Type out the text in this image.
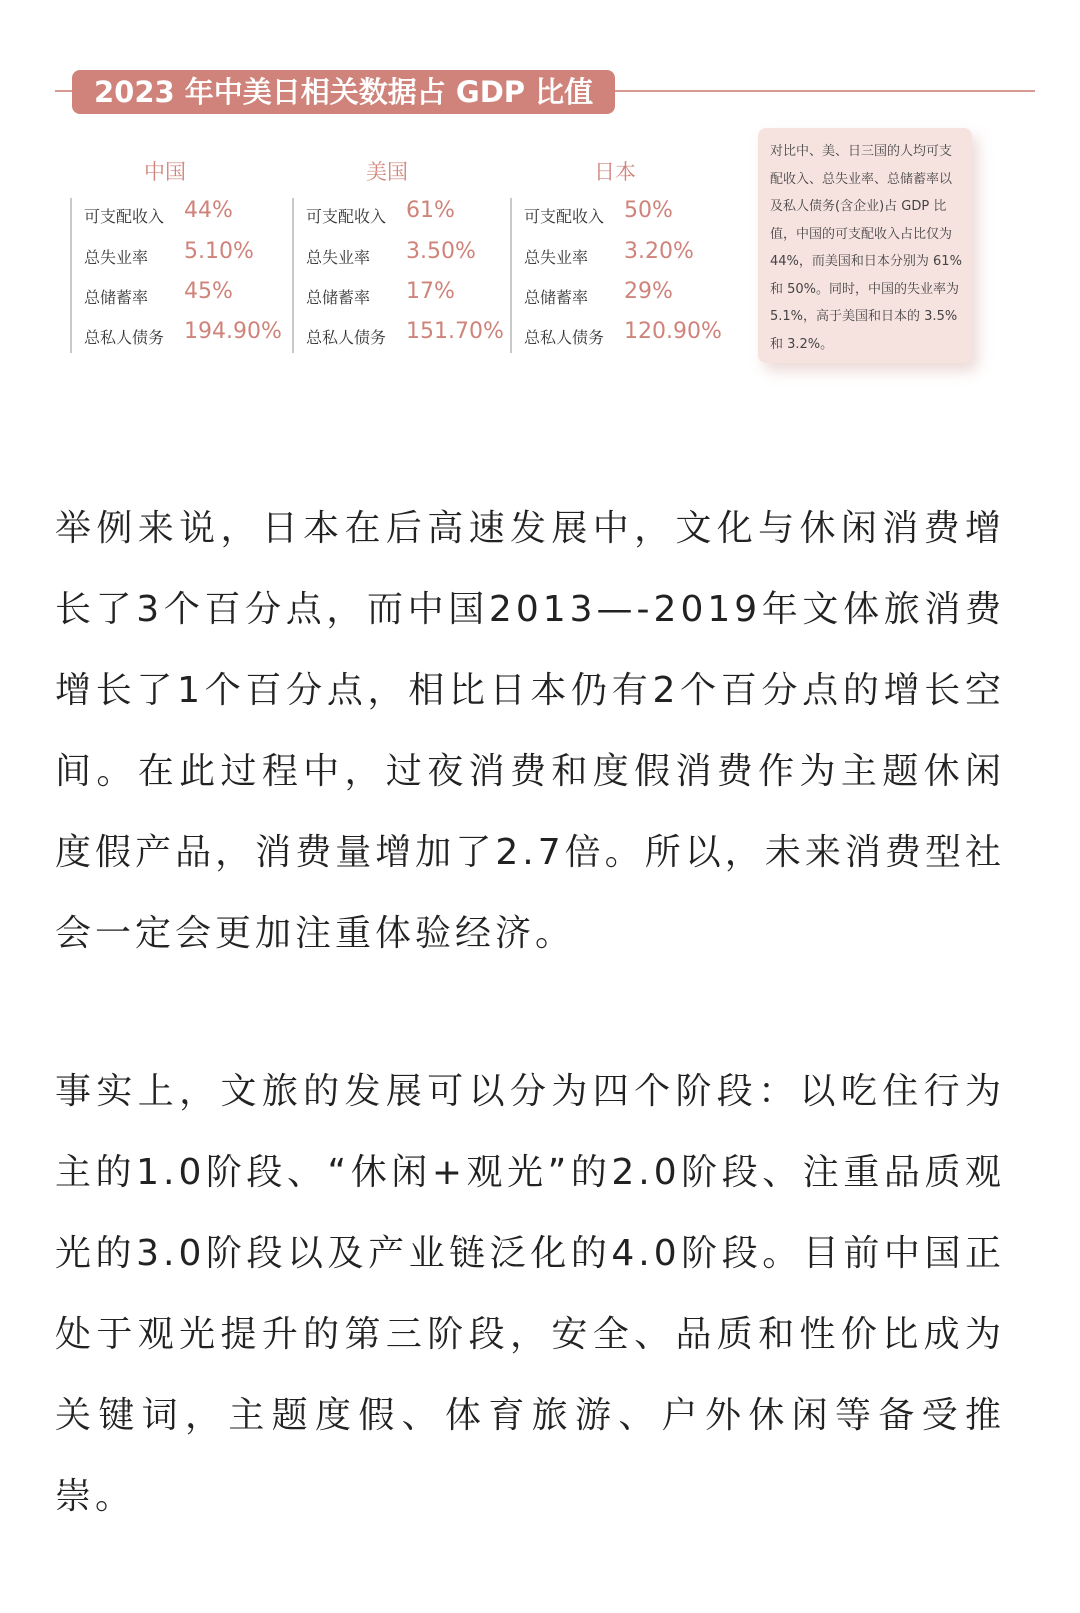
2023 年中美日相关数据占 GDP 比值
中国
可支配收入 44%
总失业率 5.10%
总储蓄率 45%
总私人债务 194.90%
美国
可支配收入 61%
总失业率 3.50%
总储蓄率 17%
总私人债务 151.70%
日本
可支配收入 50%
总失业率 3.20%
总储蓄率 29%
总私人债务 120.90%
对比中、美、日三国的人均可支配收入、总失业率、总储蓄率以及私人债务(含企业)占 GDP 比值，中国的可支配收入占比仅为 44%，而美国和日本分别为 61% 和 50%。同时，中国的失业率为 5.1%，高于美国和日本的 3.5% 和 3.2%。

举例来说，日本在后高速发展中，文化与休闲消费增长了3个百分点，而中国2013—-2019年文体旅消费增长了1个百分点，相比日本仍有2个百分点的增长空间。在此过程中，过夜消费和度假消费作为主题休闲度假产品，消费量增加了2.7倍。所以，未来消费型社会一定会更加注重体验经济。

事实上，文旅的发展可以分为四个阶段：以吃住行为主的1.0阶段、“休闲+观光”的2.0阶段、注重品质观光的3.0阶段以及产业链泛化的4.0阶段。目前中国正处于观光提升的第三阶段，安全、品质和性价比成为关键词，主题度假、体育旅游、户外休闲等备受推崇。
